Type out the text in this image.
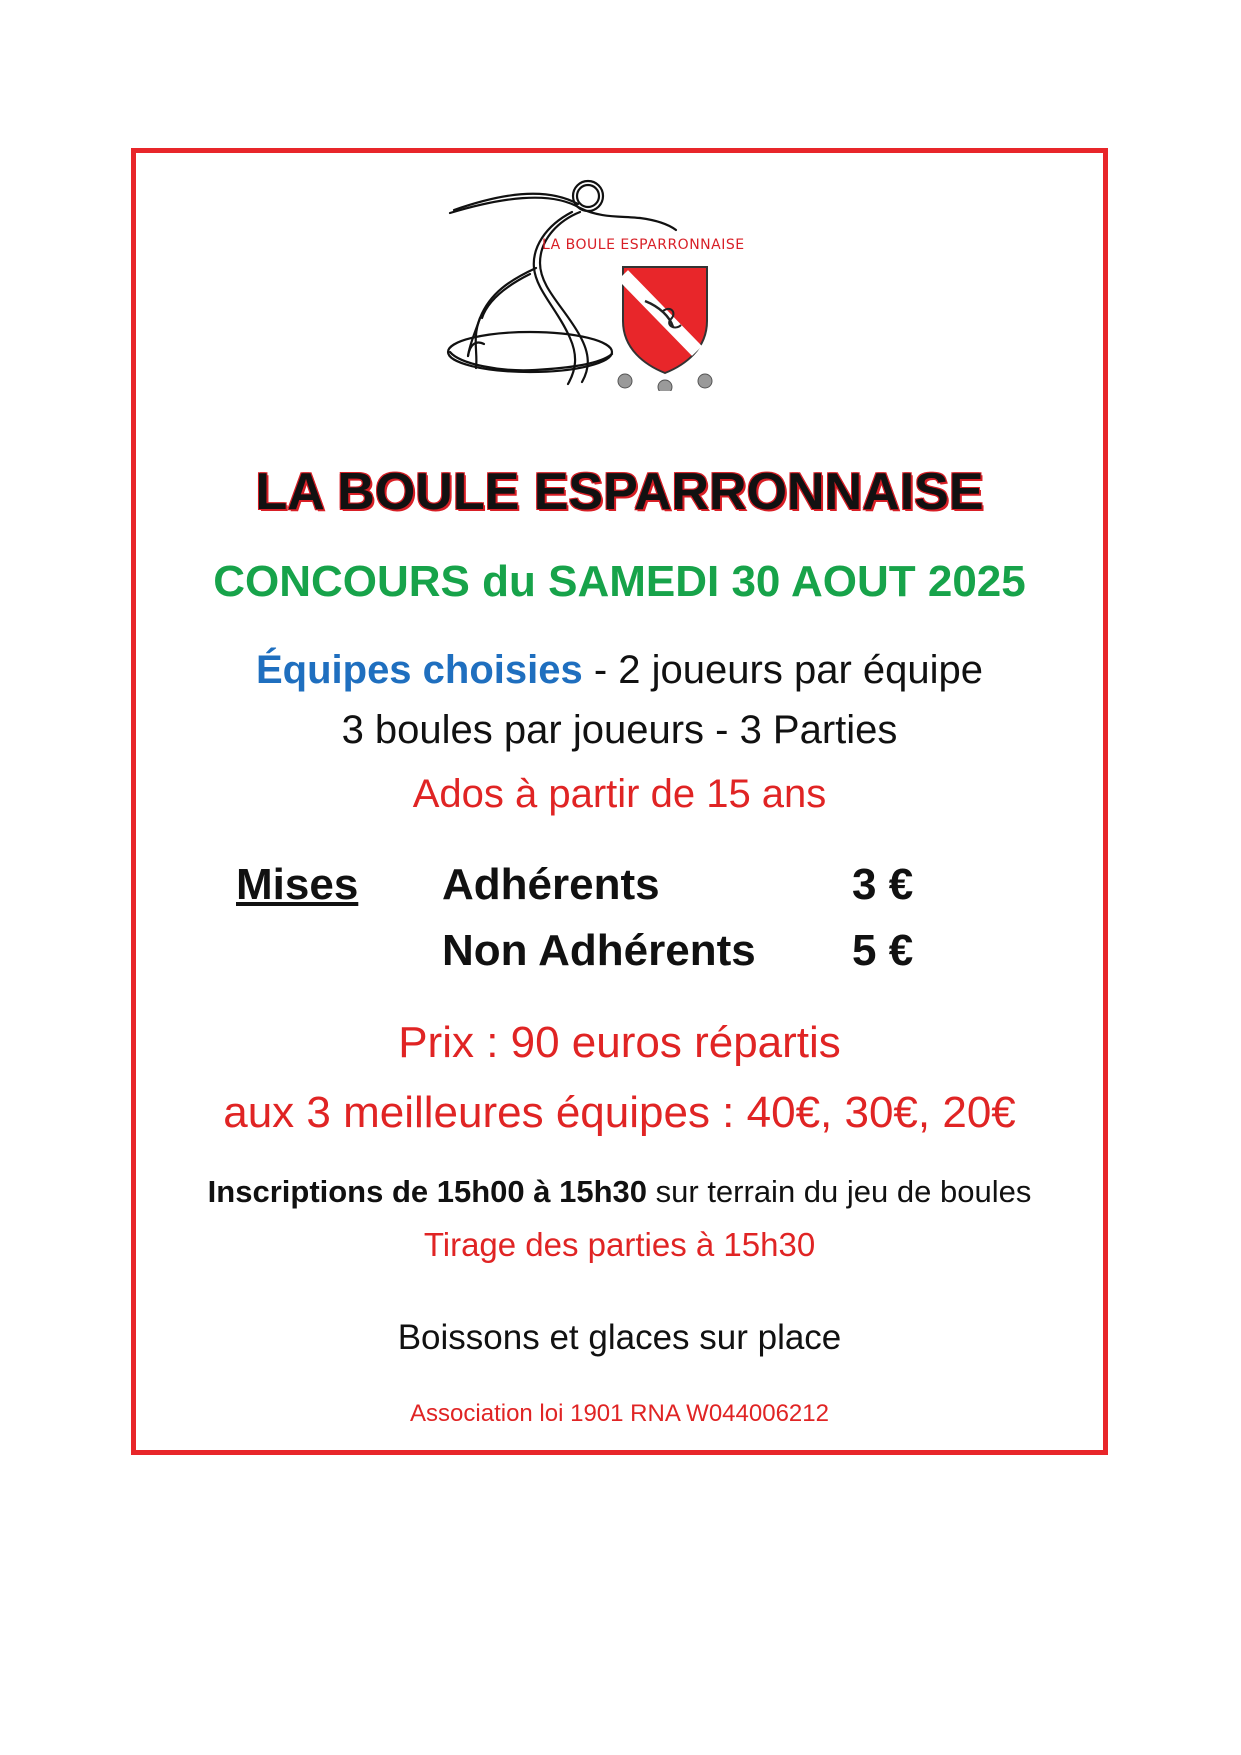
LA BOULE ESPARRONNAISE
LA BOULE ESPARRONNAISE
CONCOURS du SAMEDI 30 AOUT 2025
Équipes choisies - 2 joueurs par équipe
3 boules par joueurs - 3 Parties
Ados à partir de 15 ans
Mises Adhérents	3 €
Non Adhérents 5 €
Prix : 90 euros répartis
aux 3 meilleures équipes : 40€, 30€, 20€
Inscriptions de 15h00 à 15h30 sur terrain du jeu de boules
Tirage des parties à 15h30
Boissons et glaces sur place
Association loi 1901 RNA W044006212
